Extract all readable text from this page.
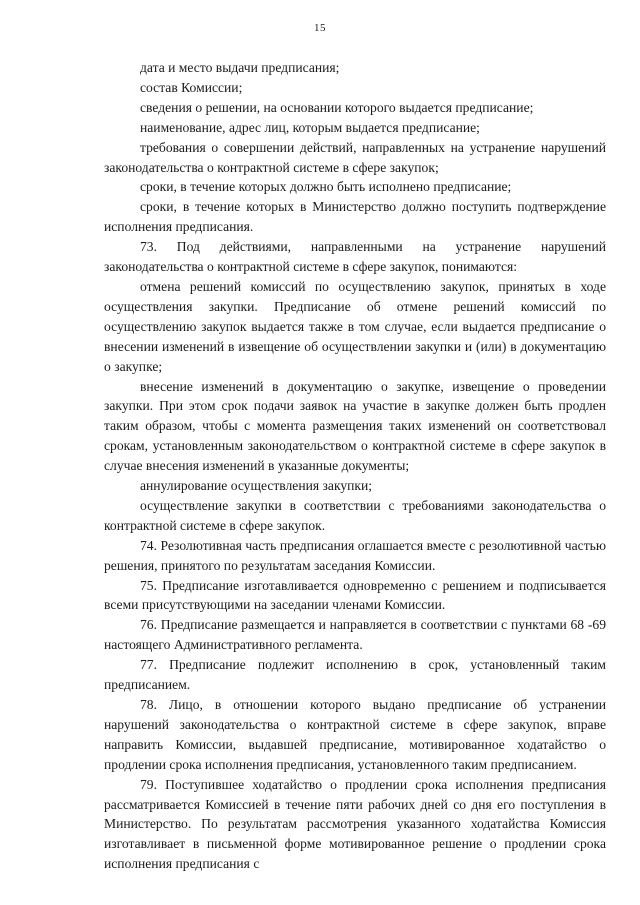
15

дата и место выдачи предписания;

состав Комиссии;

сведения о решении, на основании которого выдается предписание;

наименование, адрес лиц, которым выдается предписание;

требования о совершении действий, направленных на устранение нарушений законодательства о контрактной системе в сфере закупок;

сроки, в течение которых должно быть исполнено предписание;

сроки, в течение которых в Министерство должно поступить подтверждение исполнения предписания.

73. Под действиями, направленными на устранение нарушений законодательства о контрактной системе в сфере закупок, понимаются:

отмена решений комиссий по осуществлению закупок, принятых в ходе осуществления закупки. Предписание об отмене решений комиссий по осуществлению закупок выдается также в том случае, если выдается предписание о внесении изменений в извещение об осуществлении закупки и (или) в документацию о закупке;

внесение изменений в документацию о закупке, извещение о проведении закупки. При этом срок подачи заявок на участие в закупке должен быть продлен таким образом, чтобы с момента размещения таких изменений он соответствовал срокам, установленным законодательством о контрактной системе в сфере закупок в случае внесения изменений в указанные документы;

аннулирование осуществления закупки;

осуществление закупки в соответствии с требованиями законодательства о контрактной системе в сфере закупок.

74. Резолютивная часть предписания оглашается вместе с резолютивной частью решения, принятого по результатам заседания Комиссии.

75. Предписание изготавливается одновременно с решением и подписывается всеми присутствующими на заседании членами Комиссии.

76. Предписание размещается и направляется в соответствии с пунктами 68 -69 настоящего Административного регламента.

77. Предписание подлежит исполнению в срок, установленный таким предписанием.

78. Лицо, в отношении которого выдано предписание об устранении нарушений законодательства о контрактной системе в сфере закупок, вправе направить Комиссии, выдавшей предписание, мотивированное ходатайство о продлении срока исполнения предписания, установленного таким предписанием.

79. Поступившее ходатайство о продлении срока исполнения предписания рассматривается Комиссией в течение пяти рабочих дней со дня его поступления в Министерство. По результатам рассмотрения указанного ходатайства Комиссия изготавливает в письменной форме мотивированное решение о продлении срока исполнения предписания с
